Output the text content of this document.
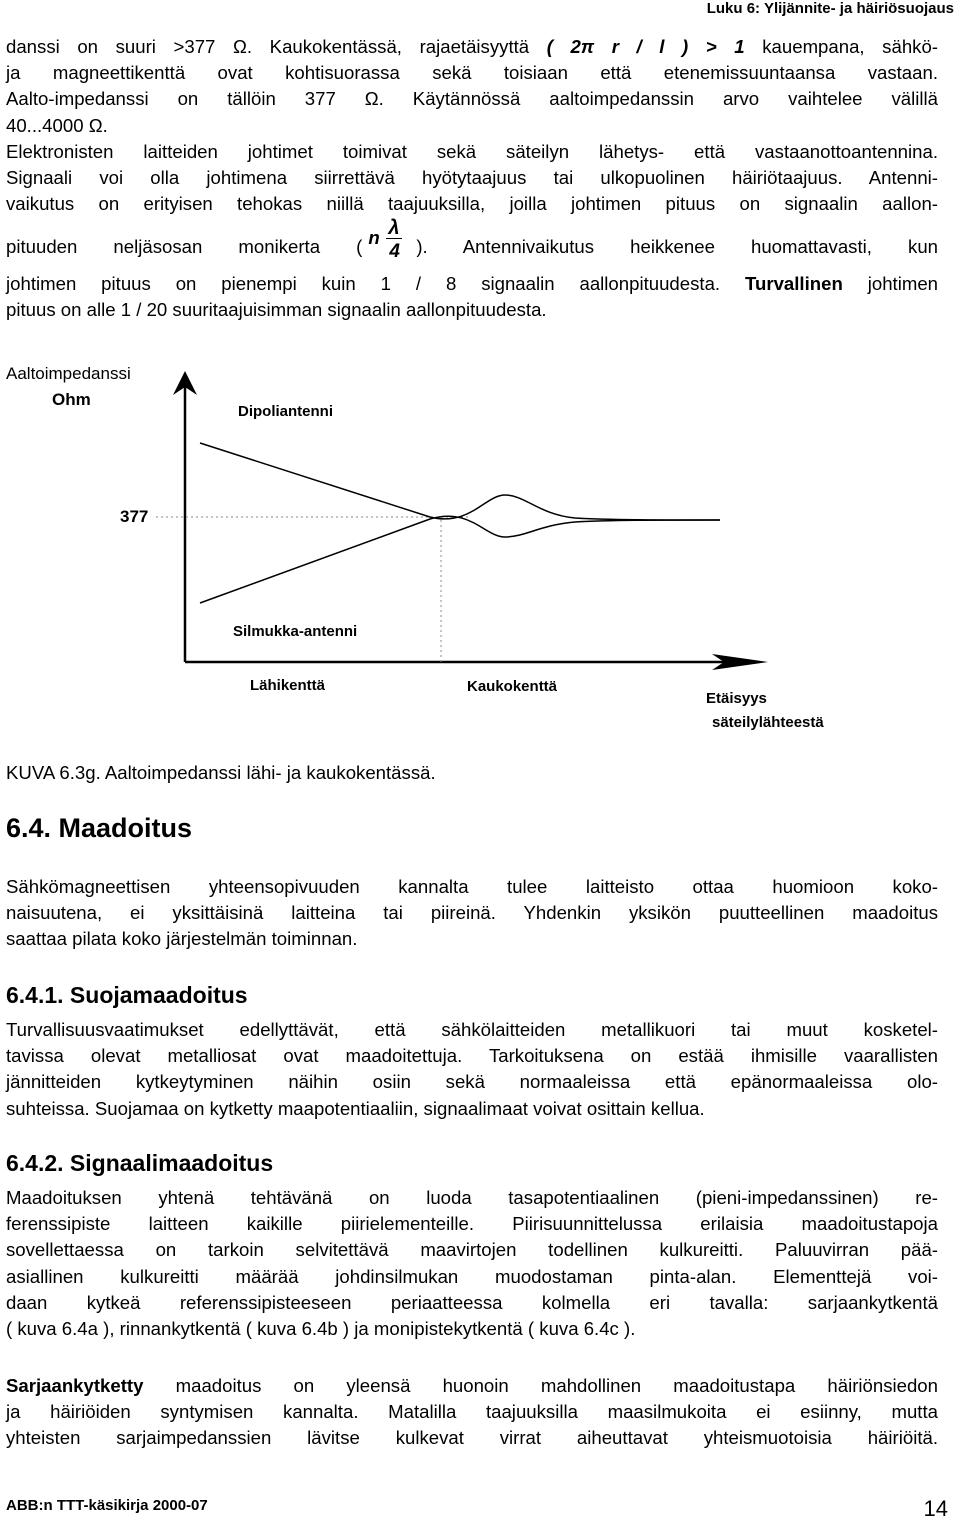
Luku 6: Ylijännite- ja häiriösuojaus
danssi on suuri >377 Ω. Kaukokentässä, rajaetäisyyttä ( 2π r / l ) > 1 kauempana, sähkö-
ja magneettikenttä ovat kohtisuorassa sekä toisiaan että etenemissuuntaansa vastaan.
Aalto-impedanssi on tällöin 377 Ω. Käytännössä aaltoimpedanssin arvo vaihtelee välillä
40...4000 Ω.
Elektronisten laitteiden johtimet toimivat sekä säteilyn lähetys- että vastaanottoantennina.
Signaali voi olla johtimena siirrettävä hyötytaajuus tai ulkopuolinen häiriötaajuus. Antenni-
vaikutus on erityisen tehokas niillä taajuuksilla, joilla johtimen pituus on signaalin aallon-
pituuden neljäsosan monikerta ( n λ
4 ). Antennivaikutus heikkenee huomattavasti, kun
johtimen pituus on pienempi kuin 1 / 8 signaalin aallonpituudesta. Turvallinen johtimen
pituus on alle 1 / 20 suuritaajuisimman signaalin aallonpituudesta.
Aaltoimpedanssi
Ohm
Dipoliantenni
377
Silmukka-antenni
Lähikenttä	Kaukokenttä
Etäisyys
säteilylähteestä
KUVA 6.3g. Aaltoimpedanssi lähi- ja kaukokentässä.
6.4. Maadoitus
Sähkömagneettisen yhteensopivuuden kannalta tulee laitteisto ottaa huomioon koko-
naisuutena, ei yksittäisinä laitteina tai piireinä. Yhdenkin yksikön puutteellinen maadoitus
saattaa pilata koko järjestelmän toiminnan.
6.4.1. Suojamaadoitus
Turvallisuusvaatimukset edellyttävät, että sähkölaitteiden metallikuori tai muut kosketel-
tavissa olevat metalliosat ovat maadoitettuja. Tarkoituksena on estää ihmisille vaarallisten
jännitteiden kytkeytyminen näihin osiin sekä normaaleissa että epänormaaleissa olo-
suhteissa. Suojamaa on kytketty maapotentiaaliin, signaalimaat voivat osittain kellua.
6.4.2. Signaalimaadoitus
Maadoituksen yhtenä tehtävänä on luoda tasapotentiaalinen (pieni-impedanssinen) re-
ferenssipiste laitteen kaikille piirielementeille. Piirisuunnittelussa erilaisia maadoitustapoja
sovellettaessa on tarkoin selvitettävä maavirtojen todellinen kulkureitti. Paluuvirran pää-
asiallinen kulkureitti määrää johdinsilmukan muodostaman pinta-alan. Elementtejä voi-
daan kytkeä referenssipisteeseen periaatteessa kolmella eri tavalla: sarjaankytkentä
( kuva 6.4a ), rinnankytkentä ( kuva 6.4b ) ja monipistekytkentä ( kuva 6.4c ).
Sarjaankytketty maadoitus on yleensä huonoin mahdollinen maadoitustapa häiriönsiedon
ja häiriöiden syntymisen kannalta. Matalilla taajuuksilla maasilmukoita ei esiinny, mutta
yhteisten sarjaimpedanssien lävitse kulkevat virrat aiheuttavat yhteismuotoisia häiriöitä.
ABB:n TTT-käsikirja 2000-07	14
